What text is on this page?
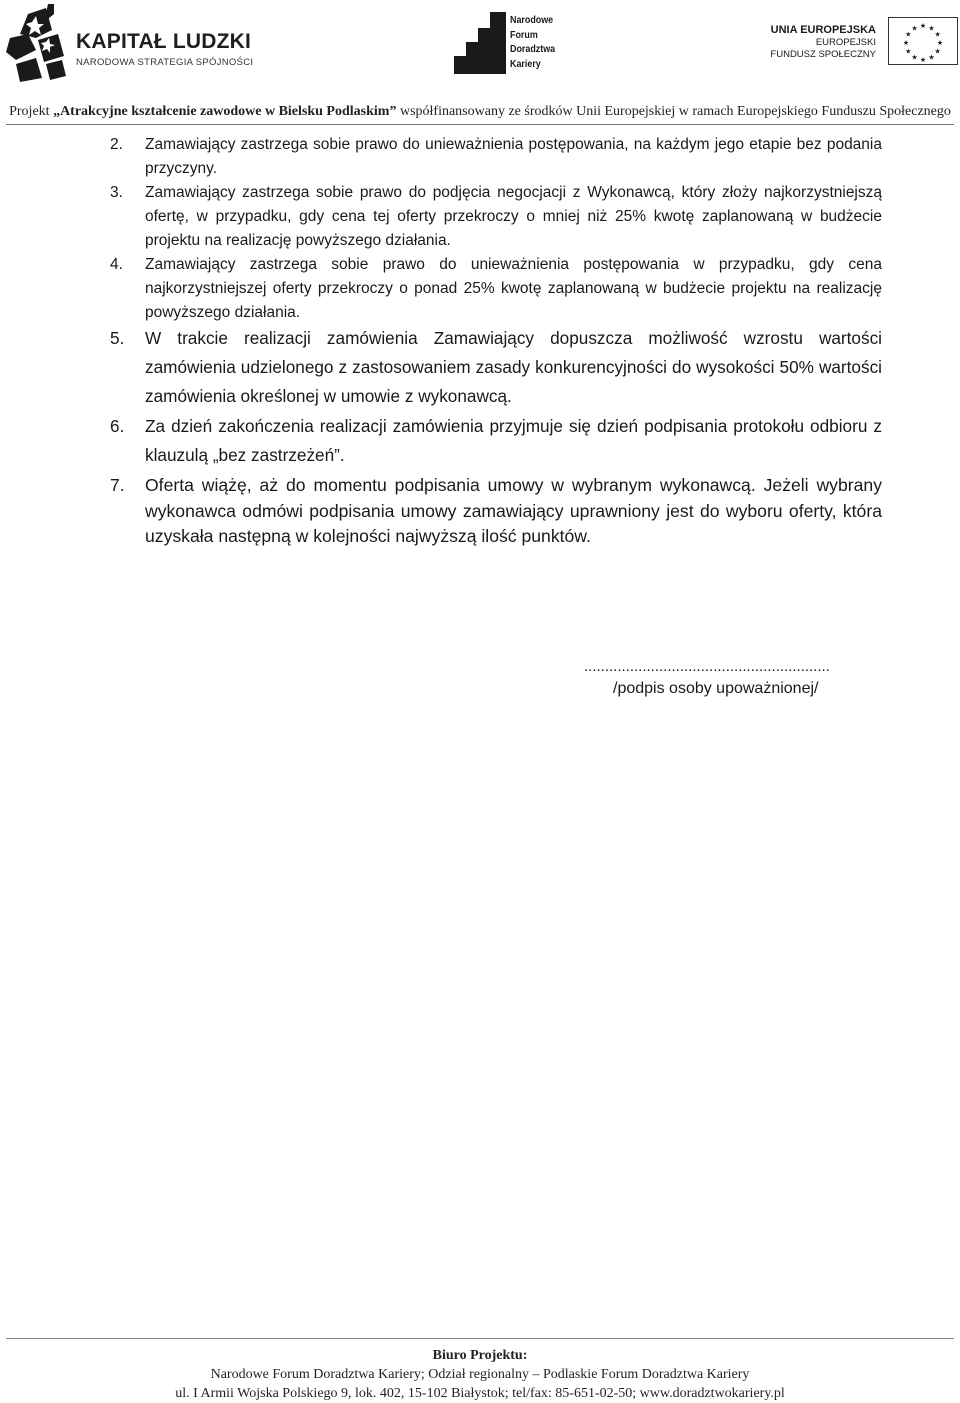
KAPITAŁ LUDZKI
NARODOWA STRATEGIA SPÓJNOŚCI
Narodowe
Forum
Doradztwa
Kariery
UNIA EUROPEJSKA
EUROPEJSKI
FUNDUSZ SPOŁECZNY
★ ★
★
★
★
★
★
★
★
★
★
★
Projekt „Atrakcyjne kształcenie zawodowe w Bielsku Podlaskim” współfinansowany ze środków Unii Europejskiej w ramach Europejskiego Funduszu Społecznego
2. Zamawiający zastrzega sobie prawo do unieważnienia postępowania, na każdym jego etapie bez podania przyczyny.
3. Zamawiający zastrzega sobie prawo do podjęcia negocjacji z Wykonawcą, który złoży najkorzystniejszą ofertę, w przypadku, gdy cena tej oferty przekroczy o mniej niż 25% kwotę zaplanowaną w budżecie projektu na realizację powyższego działania.
4. Zamawiający zastrzega sobie prawo do unieważnienia postępowania w przypadku, gdy cena najkorzystniejszej oferty przekroczy o ponad 25% kwotę zaplanowaną w budżecie projektu na realizację powyższego działania.
5. W trakcie realizacji zamówienia Zamawiający dopuszcza możliwość wzrostu wartości zamówienia udzielonego z zastosowaniem zasady konkurencyjności do wysokości 50% wartości zamówienia określonej w umowie z wykonawcą.
6. Za dzień zakończenia realizacji zamówienia przyjmuje się dzień podpisania protokołu odbioru z klauzulą „bez zastrzeżeń”.
7. Oferta wiążę, aż do momentu podpisania umowy w wybranym wykonawcą. Jeżeli wybrany wykonawca odmówi podpisania umowy zamawiający uprawniony jest do wyboru oferty, która uzyskała następną w kolejności najwyższą ilość punktów.
...........................................................
/podpis osoby upoważnionej/
Biuro Projektu:
Narodowe Forum Doradztwa Kariery; Odział regionalny – Podlaskie Forum Doradztwa Kariery
ul. I Armii Wojska Polskiego 9, lok. 402, 15-102 Białystok; tel/fax: 85-651-02-50; www.doradztwokariery.pl
